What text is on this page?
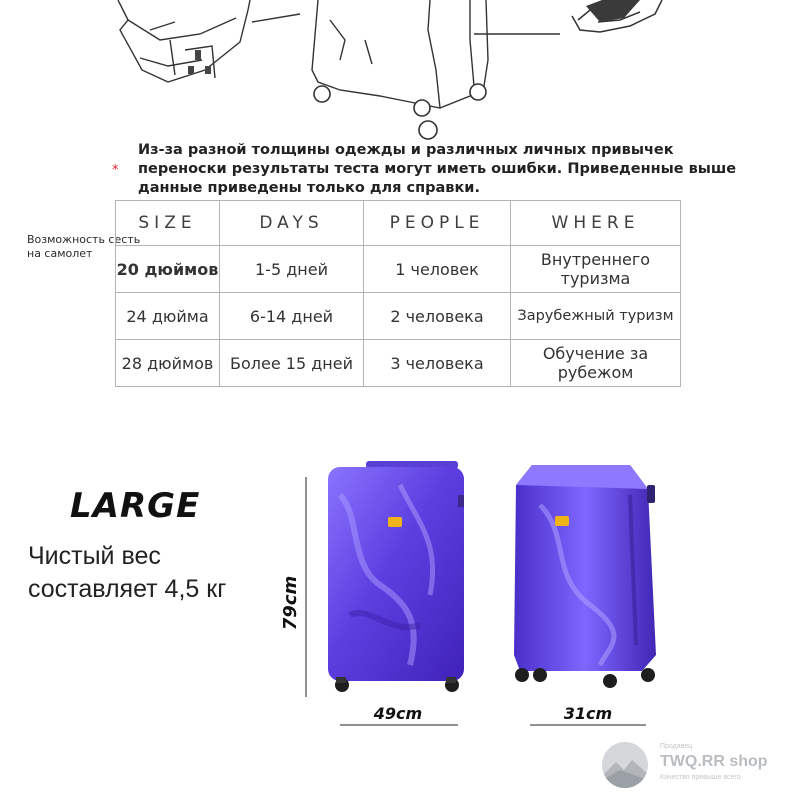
*
Из-за разной толщины одежды и различных личных привычек переноски результаты теста могут иметь ошибки. Приведенные выше данные приведены только для справки.
Возможность сесть на самолет
SIZE	DAYS	PEOPLE	WHERE
20 дюймов	1-5 дней	1 человек	Внутреннего туризма
24 дюйма	6-14 дней	2 человека	Зарубежный туризм
28 дюймов	Более 15 дней	3 человека	Обучение за рубежом
LARGE
Чистый вес составляет 4,5 кг	79cm
49cm	31cm
Продавец
TWQ.RR shop
Качество превыше всего
